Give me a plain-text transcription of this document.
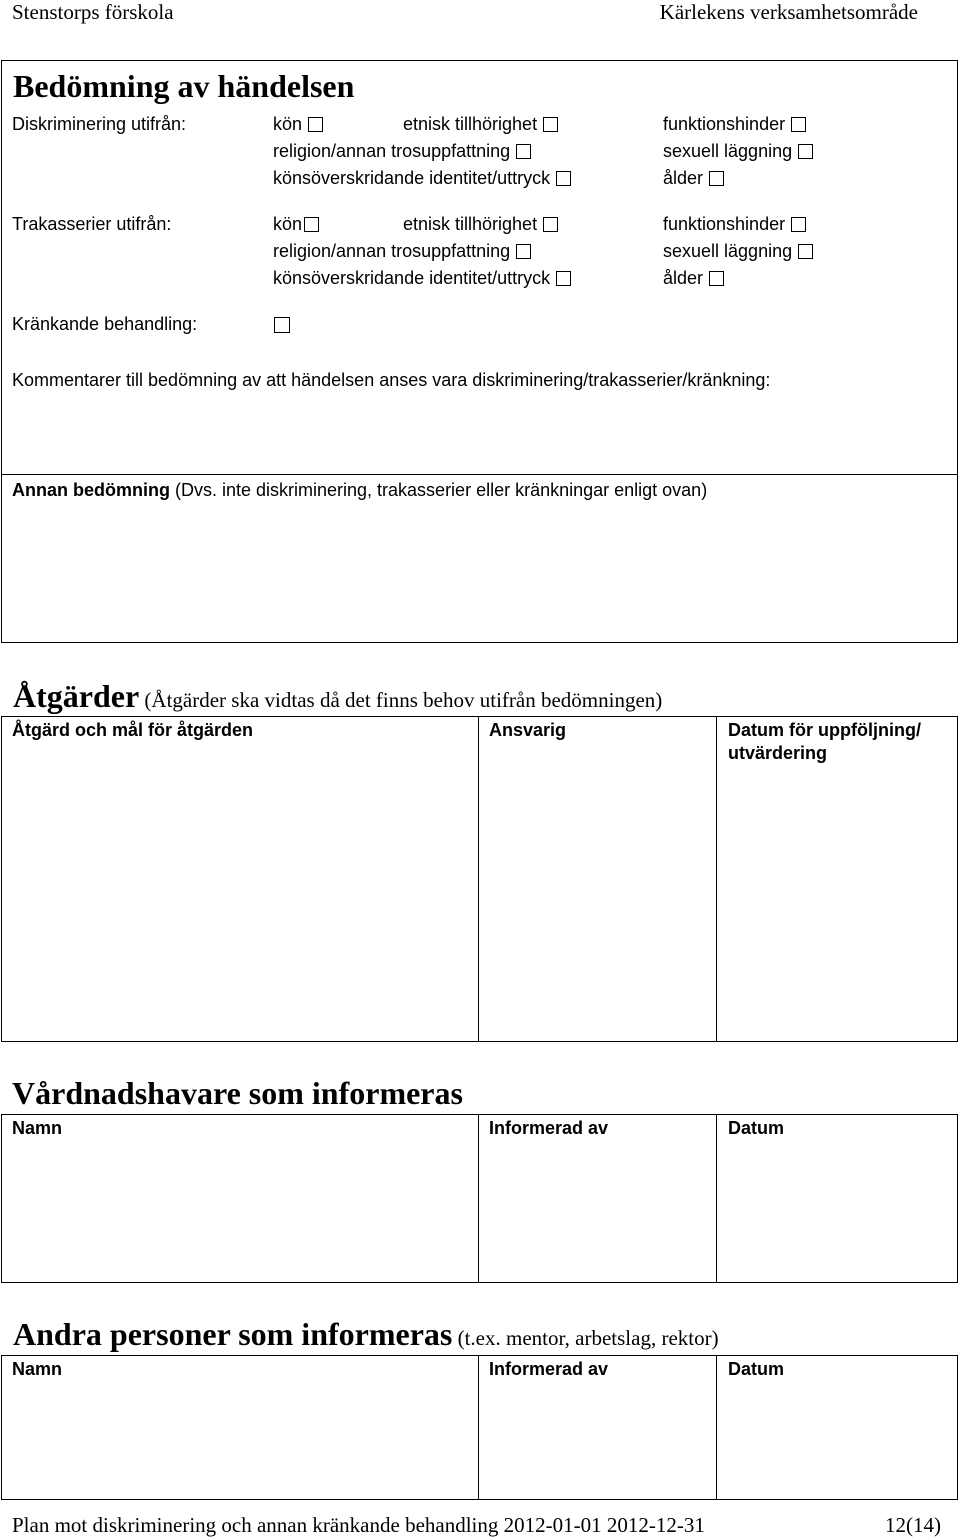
Stenstorps förskola	Kärlekens verksamhetsområde
Bedömning av händelsen
Diskriminering utifrån:	kön	etnisk tillhörighet	funktionshinder
religion/annan trosuppfattning	sexuell läggning
könsöverskridande identitet/uttryck	ålder
Trakasserier utifrån:	kön	etnisk tillhörighet	funktionshinder
religion/annan trosuppfattning	sexuell läggning
könsöverskridande identitet/uttryck	ålder
Kränkande behandling:
Kommentarer till bedömning av att händelsen anses vara diskriminering/trakasserier/kränkning:
Annan bedömning (Dvs. inte diskriminering, trakasserier eller kränkningar enligt ovan)
Åtgärder (Åtgärder ska vidtas då det finns behov utifrån bedömningen)
Åtgärd och mål för åtgärden	Ansvarig	Datum för uppföljning/
utvärdering
Vårdnadshavare som informeras
Namn	Informerad av	Datum
Andra personer som informeras (t.ex. mentor, arbetslag, rektor)
Namn	Informerad av	Datum
Plan mot diskriminering och annan kränkande behandling 2012-01-01 2012-12-31	12(14)
